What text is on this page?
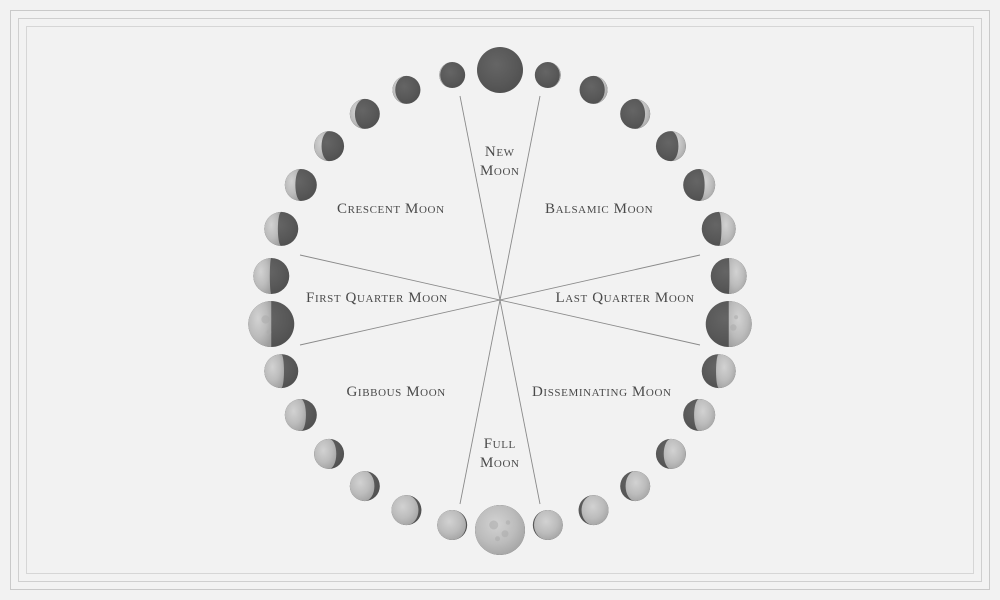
New
Moon
Balsamic Moon
Crescent Moon
First Quarter Moon	Last Quarter Moon
Gibbous Moon	Disseminating Moon
Full
Moon
